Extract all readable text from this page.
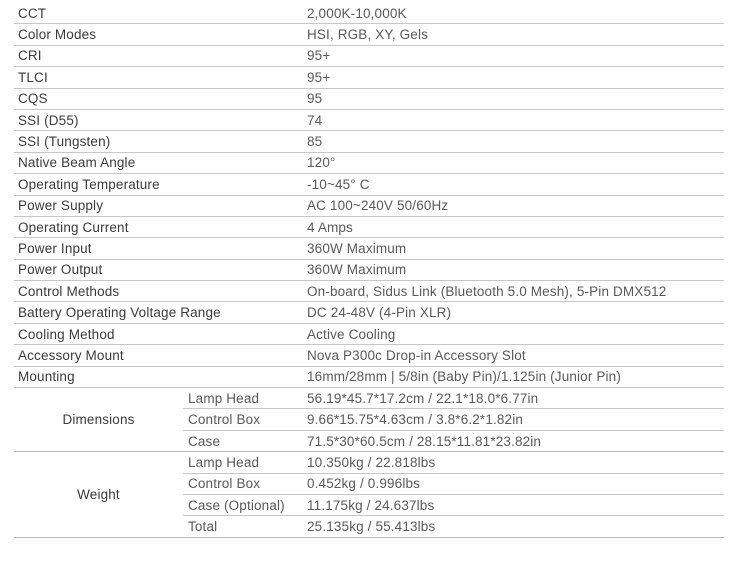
CCT	2,000K-10,000K
Color Modes	HSI, RGB, XY, Gels
CRI	95+
TLCI	95+
CQS	95
SSI (D55)	74
SSI (Tungsten)	85
Native Beam Angle	120°
Operating Temperature	-10~45° C
Power Supply	AC 100~240V 50/60Hz
Operating Current	4 Amps
Power Input	360W Maximum
Power Output	360W Maximum
Control Methods	On-board, Sidus Link (Bluetooth 5.0 Mesh), 5-Pin DMX512
Battery Operating Voltage Range	DC 24-48V (4-Pin XLR)
Cooling Method	Active Cooling
Accessory Mount	Nova P300c Drop-in Accessory Slot
Mounting	16mm/28mm | 5/8in (Baby Pin)/1.125in (Junior Pin)
Dimensions
Lamp Head	56.19*45.7*17.2cm / 22.1*18.0*6.77in
Control Box	9.66*15.75*4.63cm / 3.8*6.2*1.82in
Case	71.5*30*60.5cm / 28.15*11.81*23.82in
Weight
Lamp Head	10.350kg / 22.818lbs
Control Box	0.452kg / 0.996lbs
Case (Optional)	11.175kg / 24.637lbs
Total	25.135kg / 55.413lbs
